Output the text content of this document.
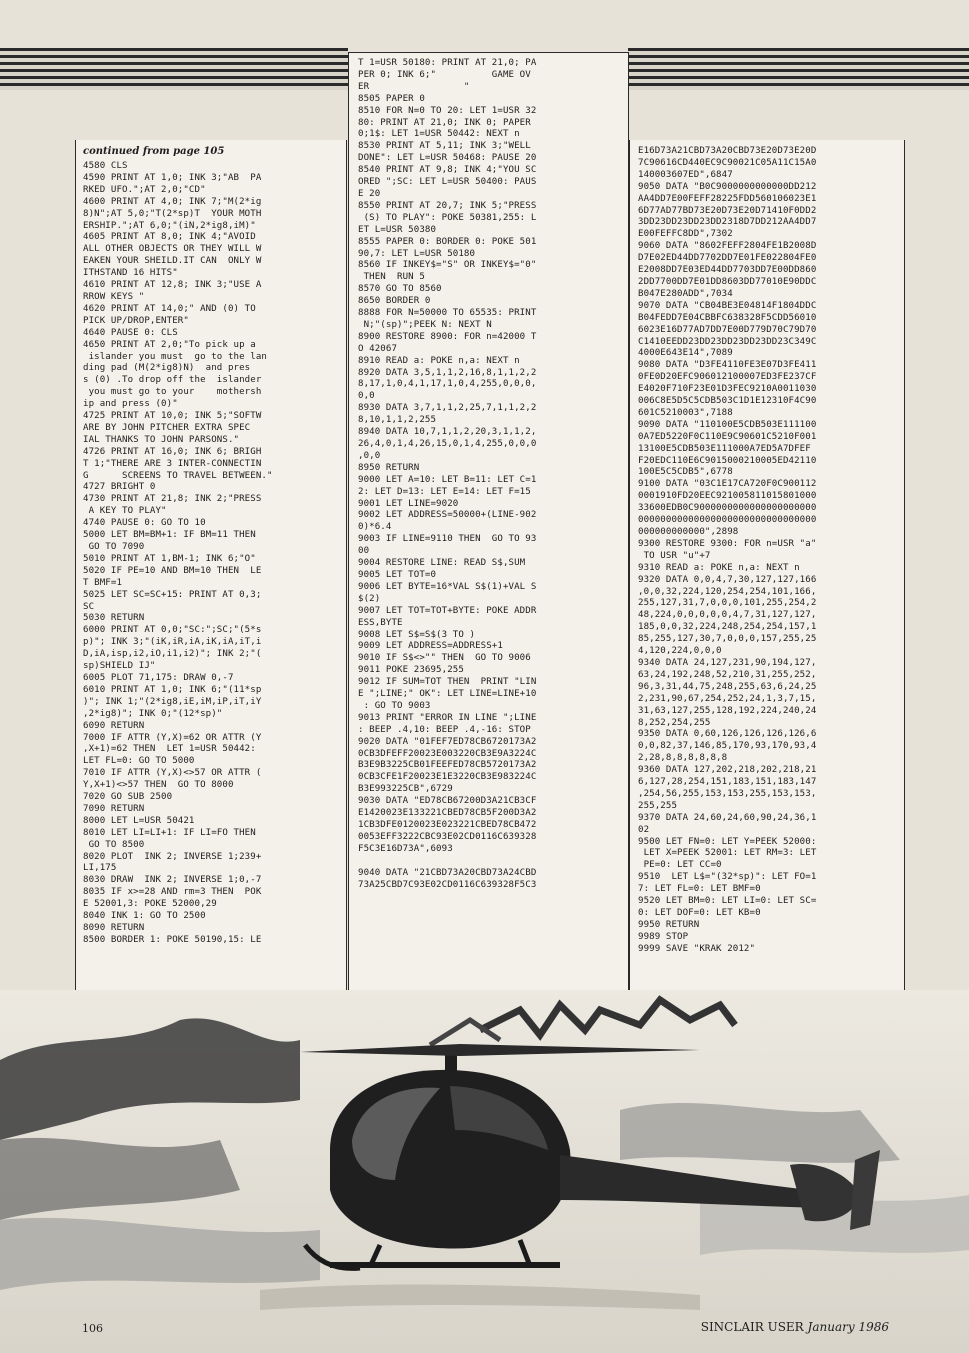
continued from page 105
4580 CLS
4590 PRINT AT 1,0; INK 3;"AB  PA
RKED UFO.";AT 2,0;"CD"
4600 PRINT AT 4,0; INK 7;"M(2*ig
8)N";AT 5,0;"T(2*sp)T  YOUR MOTH
ERSHIP.";AT 6,0;"(iN,2*ig8,iM)"
4605 PRINT AT 8,0; INK 4;"AVOID
ALL OTHER OBJECTS OR THEY WILL W
EAKEN YOUR SHEILD.IT CAN  ONLY W
ITHSTAND 16 HITS"
4610 PRINT AT 12,8; INK 3;"USE A
RROW KEYS "
4620 PRINT AT 14,0;" AND (0) TO
PICK UP/DROP,ENTER"
4640 PAUSE 0: CLS
4650 PRINT AT 2,0;"To pick up a
islander you must  go to the lan
ding pad (M(2*ig8)N)  and pres
s (0) .To drop off the  islander
you must go to your    mothersh
ip and press (0)"
4725 PRINT AT 10,0; INK 5;"SOFTW
ARE BY JOHN PITCHER EXTRA SPEC
IAL THANKS TO JOHN PARSONS."
4726 PRINT AT 16,0; INK 6; BRIGH
T 1;"THERE ARE 3 INTER-CONNECTIN
G      SCREENS TO TRAVEL BETWEEN."
4727 BRIGHT 0
4730 PRINT AT 21,8; INK 2;"PRESS
A KEY TO PLAY"
4740 PAUSE 0: GO TO 10
5000 LET BM=BM+1: IF BM=11 THEN
GO TO 7090
5010 PRINT AT 1,BM-1; INK 6;"O"
5020 IF PE=10 AND BM=10 THEN  LE
T BMF=1
5025 LET SC=SC+15: PRINT AT 0,3;
SC
5030 RETURN
6000 PRINT AT 0,0;"SC:";SC;"(5*s
p)"; INK 3;"(iK,iR,iA,iK,iA,iT,i
D,iA,isp,i2,iO,i1,i2)"; INK 2;"(
sp)SHIELD IJ"
6005 PLOT 71,175: DRAW 0,-7
6010 PRINT AT 1,0; INK 6;"(11*sp
)"; INK 1;"(2*ig8,iE,iM,iP,iT,iY
,2*ig8)"; INK 0;"(12*sp)"
6090 RETURN
7000 IF ATTR (Y,X)=62 OR ATTR (Y
,X+1)=62 THEN  LET 1=USR 50442:
LET FL=0: GO TO 5000
7010 IF ATTR (Y,X)<>57 OR ATTR (
Y,X+1)<>57 THEN  GO TO 8000
7020 GO SUB 2500
7090 RETURN
8000 LET L=USR 50421
8010 LET LI=LI+1: IF LI=FO THEN
GO TO 8500
8020 PLOT  INK 2; INVERSE 1;239+
LI,175
8030 DRAW  INK 2; INVERSE 1;0,-7
8035 IF x>=28 AND rm=3 THEN  POK
E 52001,3: POKE 52000,29
8040 INK 1: GO TO 2500
8090 RETURN
8500 BORDER 1: POKE 50190,15: LE
T 1=USR 50180: PRINT AT 21,0; PA
PER 0; INK 6;"          GAME OV
ER                 "
8505 PAPER 0
8510 FOR N=0 TO 20: LET 1=USR 32
80: PRINT AT 21,0; INK 0; PAPER
0;1$: LET 1=USR 50442: NEXT n
8530 PRINT AT 5,11; INK 3;"WELL
DONE": LET L=USR 50468: PAUSE 20
8540 PRINT AT 9,8; INK 4;"YOU SC
ORED ";SC: LET L=USR 50400: PAUS
E 20
8550 PRINT AT 20,7; INK 5;"PRESS
(S) TO PLAY": POKE 50381,255: L
ET L=USR 50380
8555 PAPER 0: BORDER 0: POKE 501
90,7: LET L=USR 50180
8560 IF INKEY$="S" OR INKEY$="0"
THEN  RUN 5
8570 GO TO 8560
8650 BORDER 0
8888 FOR N=50000 TO 65535: PRINT
N;"(sp)";PEEK N: NEXT N
8900 RESTORE 8900: FOR n=42000 T
O 42067
8910 READ a: POKE n,a: NEXT n
8920 DATA 3,5,1,1,2,16,8,1,1,2,2
8,17,1,0,4,1,17,1,0,4,255,0,0,0,
0,0
8930 DATA 3,7,1,1,2,25,7,1,1,2,2
8,10,1,1,2,255
8940 DATA 10,7,1,1,2,20,3,1,1,2,
26,4,0,1,4,26,15,0,1,4,255,0,0,0
,0,0
8950 RETURN
9000 LET A=10: LET B=11: LET C=1
2: LET D=13: LET E=14: LET F=15
9001 LET LINE=9020
9002 LET ADDRESS=50000+(LINE-902
0)*6.4
9003 IF LINE=9110 THEN  GO TO 93
00
9004 RESTORE LINE: READ S$,SUM
9005 LET TOT=0
9006 LET BYTE=16*VAL S$(1)+VAL S
$(2)
9007 LET TOT=TOT+BYTE: POKE ADDR
ESS,BYTE
9008 LET S$=S$(3 TO )
9009 LET ADDRESS=ADDRESS+1
9010 IF S$<>"" THEN  GO TO 9006
9011 POKE 23695,255
9012 IF SUM=TOT THEN  PRINT "LIN
E ";LINE;" OK": LET LINE=LINE+10
: GO TO 9003
9013 PRINT "ERROR IN LINE ";LINE
: BEEP .4,10: BEEP .4,-16: STOP
9020 DATA "01FEF7ED78CB6720173A2
0CB3DFEFF20023E003220CB3E9A3224C
B3E9B3225CB01FEEFED78CB5720173A2
0CB3CFE1F20023E1E3220CB3E983224C
B3E993225CB",6729
9030 DATA "ED78CB67200D3A21CB3CF
E1420023E133221CBED78CB5F200D3A2
1CB3DFE0120023E023221CBED78CB472
0053EFF3222CBC93E02CD0116C639328
F5C3E16D73A",6093

9040 DATA "21CBD73A20CBD73A24CBD
73A25CBD7C93E02CD0116C639328F5C3
E16D73A21CBD73A20CBD73E20D73E20D
7C90616CD440EC9C90021C05A11C15A0
140003607ED",6847
9050 DATA "B0C9000000000000DD212
AA4DD7E00FEFF28225FDD560106023E1
6D77AD77BD73E20D73E20D71410F0DD2
3DD23DD23DD23DD2318D7DD212AA4DD7
E00FEFFC8DD",7302
9060 DATA "8602FEFF2804FE1B2008D
D7E02ED44DD7702DD7E01FE022804FE0
E2008DD7E03ED44DD7703DD7E00DD860
2DD7700DD7E01DD8603DD77010E90DDC
B047E280ADD",7034
9070 DATA "CB04BE3E04814F1804DDC
B04FEDD7E04CBBFC638328F5CDD56010
6023E16D77AD7DD7E00D779D70C79D70
C1410EEDD23DD23DD23DD23DD23C349C
4000E643E14",7089
9080 DATA "D3FE4110FE3E07D3FE411
0FE0D20EFC906012100007ED3FE237CF
E4020F710F23E01D3FEC9210A0011030
006C8E5D5C5CDB503C1D1E12310F4C90
601C5210003",7188
9090 DATA "110100E5CDB503E111100
0A7ED5220F0C110E9C90601C5210F001
13100E5CDB503E111000A7ED5A7DFEF
F20EDC110E6C9015000210005ED42110
100E5C5CDB5",6778
9100 DATA "03C1E17CA720F0C900112
0001910FD20EEC921005811015801000
33600EDB0C9000000000000000000000
00000000000000000000000000000000
000000000000",2898
9300 RESTORE 9300: FOR n=USR "a"
TO USR "u"+7
9310 READ a: POKE n,a: NEXT n
9320 DATA 0,0,4,7,30,127,127,166
,0,0,32,224,120,254,254,101,166,
255,127,31,7,0,0,0,101,255,254,2
48,224,0,0,0,0,0,4,7,31,127,127,
185,0,0,32,224,248,254,254,157,1
85,255,127,30,7,0,0,0,157,255,25
4,120,224,0,0,0
9340 DATA 24,127,231,90,194,127,
63,24,192,248,52,210,31,255,252,
96,3,31,44,75,248,255,63,6,24,25
2,231,90,67,254,252,24,1,3,7,15,
31,63,127,255,128,192,224,240,24
8,252,254,255
9350 DATA 0,60,126,126,126,126,6
0,0,82,37,146,85,170,93,170,93,4
2,28,8,8,8,8,8,8
9360 DATA 127,202,218,202,218,21
6,127,28,254,151,183,151,183,147
,254,56,255,153,153,255,153,153,
255,255
9370 DATA 24,60,24,60,90,24,36,1
02
9500 LET FN=0: LET Y=PEEK 52000:
LET X=PEEK 52001: LET RM=3: LET
PE=0: LET CC=0
9510  LET L$="(32*sp)": LET FO=1
7: LET FL=0: LET BMF=0
9520 LET BM=0: LET LI=0: LET SC=
0: LET DOF=0: LET KB=0
9950 RETURN
9989 STOP
9999 SAVE "KRAK 2012"
106	SINCLAIR USER January 1986
